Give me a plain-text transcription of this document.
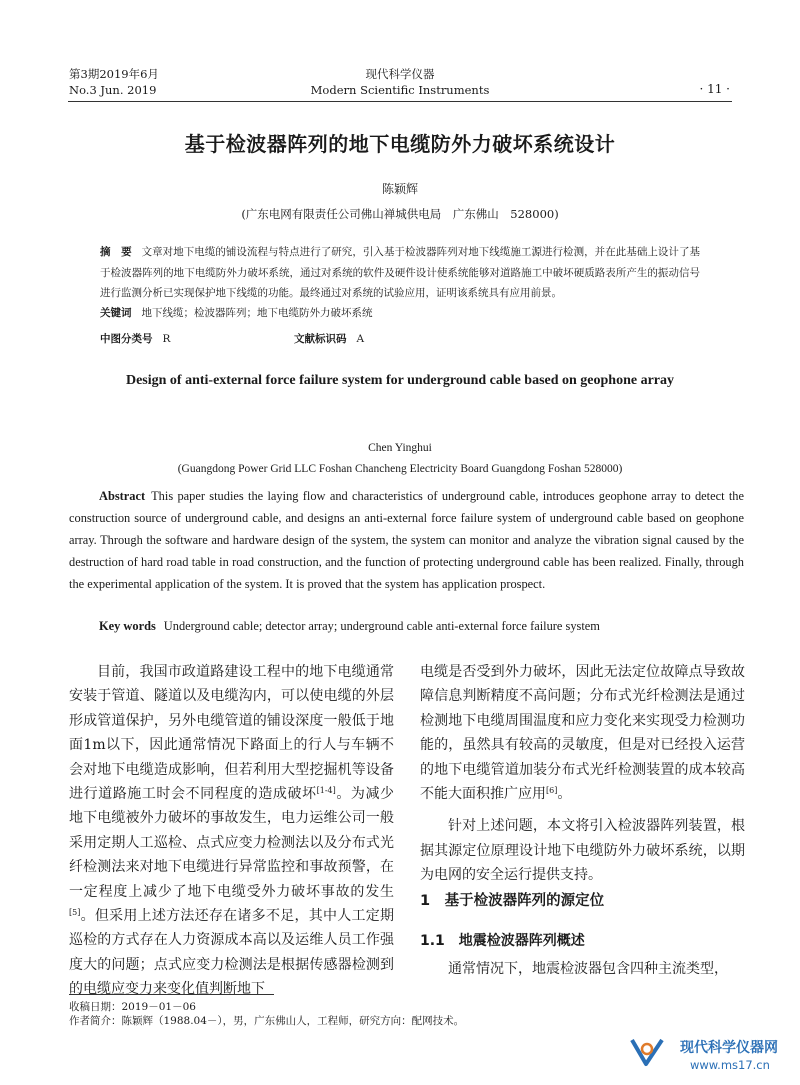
第3期2019年6月
No.3 Jun. 2019
现代科学仪器
Modern Scientific Instruments	· 11 ·
基于检波器阵列的地下电缆防外力破坏系统设计
陈颖辉
(广东电网有限责任公司佛山禅城供电局　广东佛山　528000)
摘　要 文章对地下电缆的铺设流程与特点进行了研究，引入基于检波器阵列对地下线缆施工源进行检测，并在此基础上设计了基于检波器阵列的地下电缆防外力破坏系统，通过对系统的软件及硬件设计使系统能够对道路施工中破坏硬质路表所产生的振动信号进行监测分析已实现保护地下线缆的功能。最终通过对系统的试验应用，证明该系统具有应用前景。
关键词 地下线缆；检波器阵列；地下电缆防外力破坏系统
中图分类号 R	文献标识码 A
Design of anti-external force failure system for underground cable based on geophone array
Chen Yinghui
(Guangdong Power Grid LLC Foshan Chancheng Electricity Board Guangdong Foshan 528000)
Abstract This paper studies the laying flow and characteristics of underground cable, introduces geophone array to detect the construction source of underground cable, and designs an anti-external force failure system of underground cable based on geophone array. Through the software and hardware design of the system, the system can monitor and analyze the vibration signal caused by the destruction of hard road table in road construction, and the function of protecting underground cable has been realized. Finally, through the experimental application of the system. It is proved that the system has application prospect.
Key words Underground cable; detector array; underground cable anti-external force failure system

目前，我国市政道路建设工程中的地下电缆通常安装于管道、隧道以及电缆沟内，可以使电缆的外层形成管道保护，另外电缆管道的铺设深度一般低于地面1m以下，因此通常情况下路面上的行人与车辆不会对地下电缆造成影响，但若利用大型挖掘机等设备进行道路施工时会不同程度的造成破坏[1-4]。为减少地下电缆被外力破坏的事故发生，电力运维公司一般采用定期人工巡检、点式应变力检测法以及分布式光纤检测法来对地下电缆进行异常监控和事故预警，在一定程度上减少了地下电缆受外力破坏事故的发生[5]。但采用上述方法还存在诸多不足，其中人工定期巡检的方式存在人力资源成本高以及运维人员工作强度大的问题；点式应变力检测法是根据传感器检测到的电缆应变力来变化值判断地下

电缆是否受到外力破坏，因此无法定位故障点导致故障信息判断精度不高问题；分布式光纤检测法是通过检测地下电缆周围温度和应力变化来实现受力检测功能的，虽然具有较高的灵敏度，但是对已经投入运营的地下电缆管道加装分布式光纤检测装置的成本较高不能大面积推广应用[6]。

针对上述问题，本文将引入检波器阵列装置，根据其源定位原理设计地下电缆防外力破坏系统，以期为电网的安全运行提供支持。

1　基于检波器阵列的源定位
1.1　地震检波器阵列概述
通常情况下，地震检波器包含四种主流类型，
收稿日期：2019－01－06
作者简介：陈颖辉（1988.04－），男，广东佛山人，工程师，研究方向：配网技术。
现代科学仪器网
www.ms17.cn
